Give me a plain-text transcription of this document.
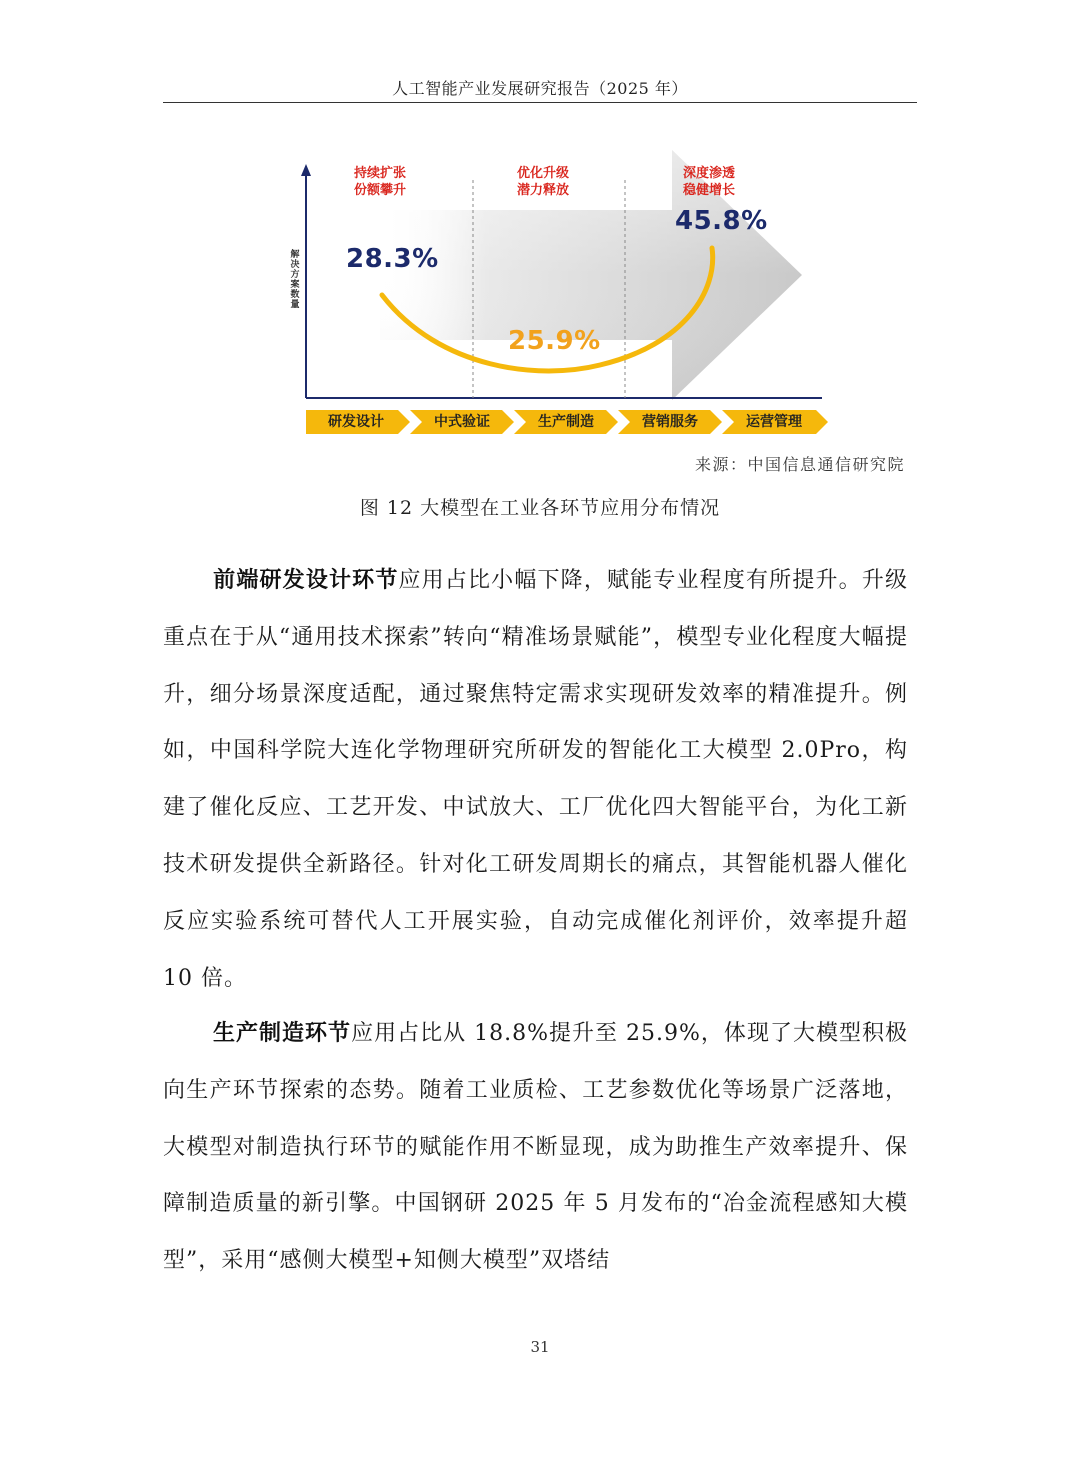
人工智能产业发展研究报告（2025 年）
解决方案数量
持续扩张
份额攀升
优化升级
潜力释放
深度渗透
稳健增长
28.3%
25.9%
45.8%
研发设计	中式验证	生产制造	营销服务	运营管理
来源：中国信息通信研究院
图 12 大模型在工业各环节应用分布情况
前端研发设计环节应用占比小幅下降，赋能专业程度有所提升。升级重点在于从“通用技术探索”转向“精准场景赋能”，模型专业化程度大幅提升，细分场景深度适配，通过聚焦特定需求实现研发效率的精准提升。例如，中国科学院大连化学物理研究所研发的智能化工大模型 2.0Pro，构建了催化反应、工艺开发、中试放大、工厂优化四大智能平台，为化工新技术研发提供全新路径。针对化工研发周期长的痛点，其智能机器人催化反应实验系统可替代人工开展实验，自动完成催化剂评价，效率提升超 10 倍。
生产制造环节应用占比从 18.8%提升至 25.9%，体现了大模型积极向生产环节探索的态势。随着工业质检、工艺参数优化等场景广泛落地，大模型对制造执行环节的赋能作用不断显现，成为助推生产效率提升、保障制造质量的新引擎。中国钢研 2025 年 5 月发布的“冶金流程感知大模型”，采用“感侧大模型+知侧大模型”双塔结
31
